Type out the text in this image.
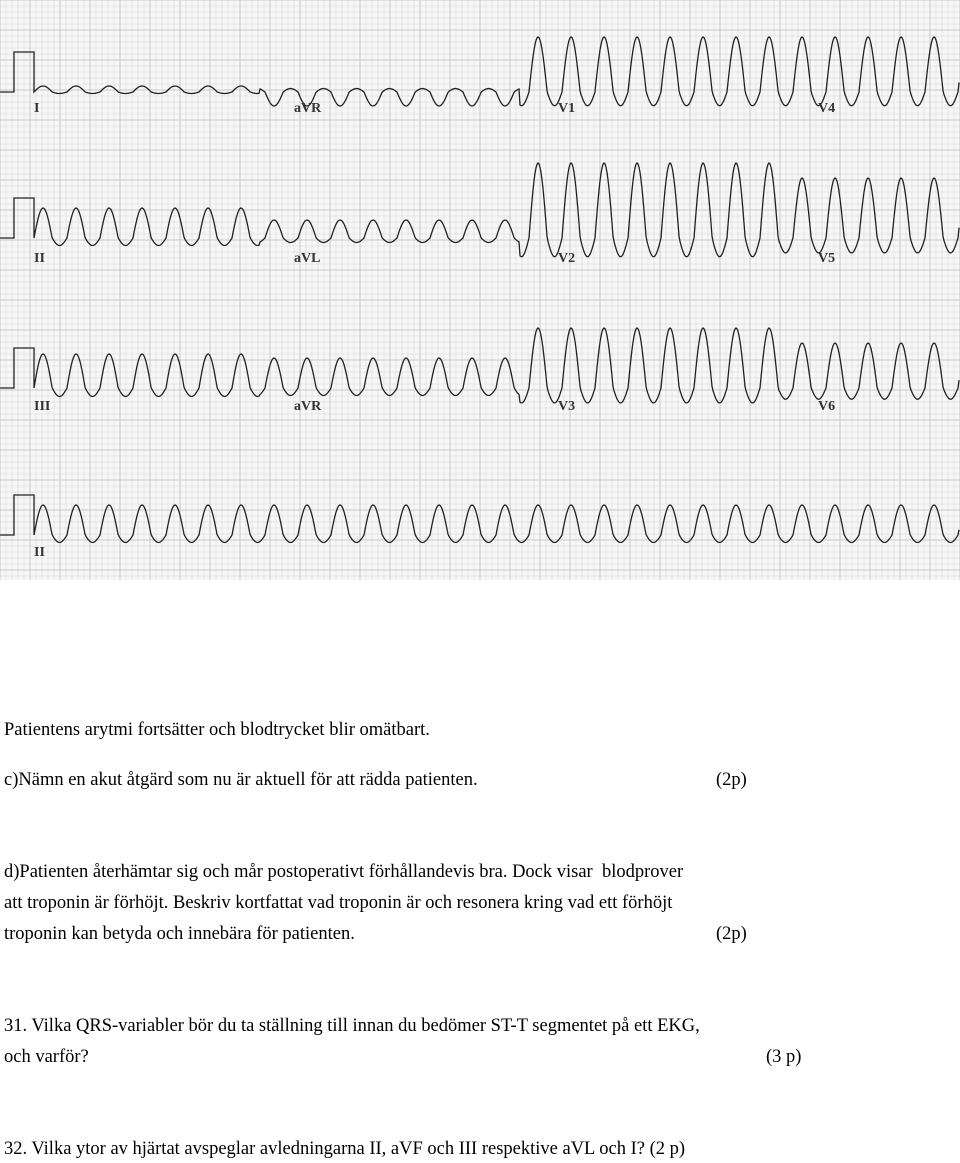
I	aVR	V1	V4
II	aVL	V2	V5
III	aVR	V3	V6
II
Patientens arytmi fortsätter och blodtrycket blir omätbart.
c)Nämn en akut åtgärd som nu är aktuell för att rädda patienten.	(2p)
d)Patienten återhämtar sig och mår postoperativt förhållandevis bra. Dock visar  blodprover
att troponin är förhöjt. Beskriv kortfattat vad troponin är och resonera kring vad ett förhöjt
troponin kan betyda och innebära för patienten.	(2p)
31. Vilka QRS-variabler bör du ta ställning till innan du bedömer ST-T segmentet på ett EKG,
och varför?	(3 p)
32. Vilka ytor av hjärtat avspeglar avledningarna II, aVF och III respektive aVL och I? (2 p)
